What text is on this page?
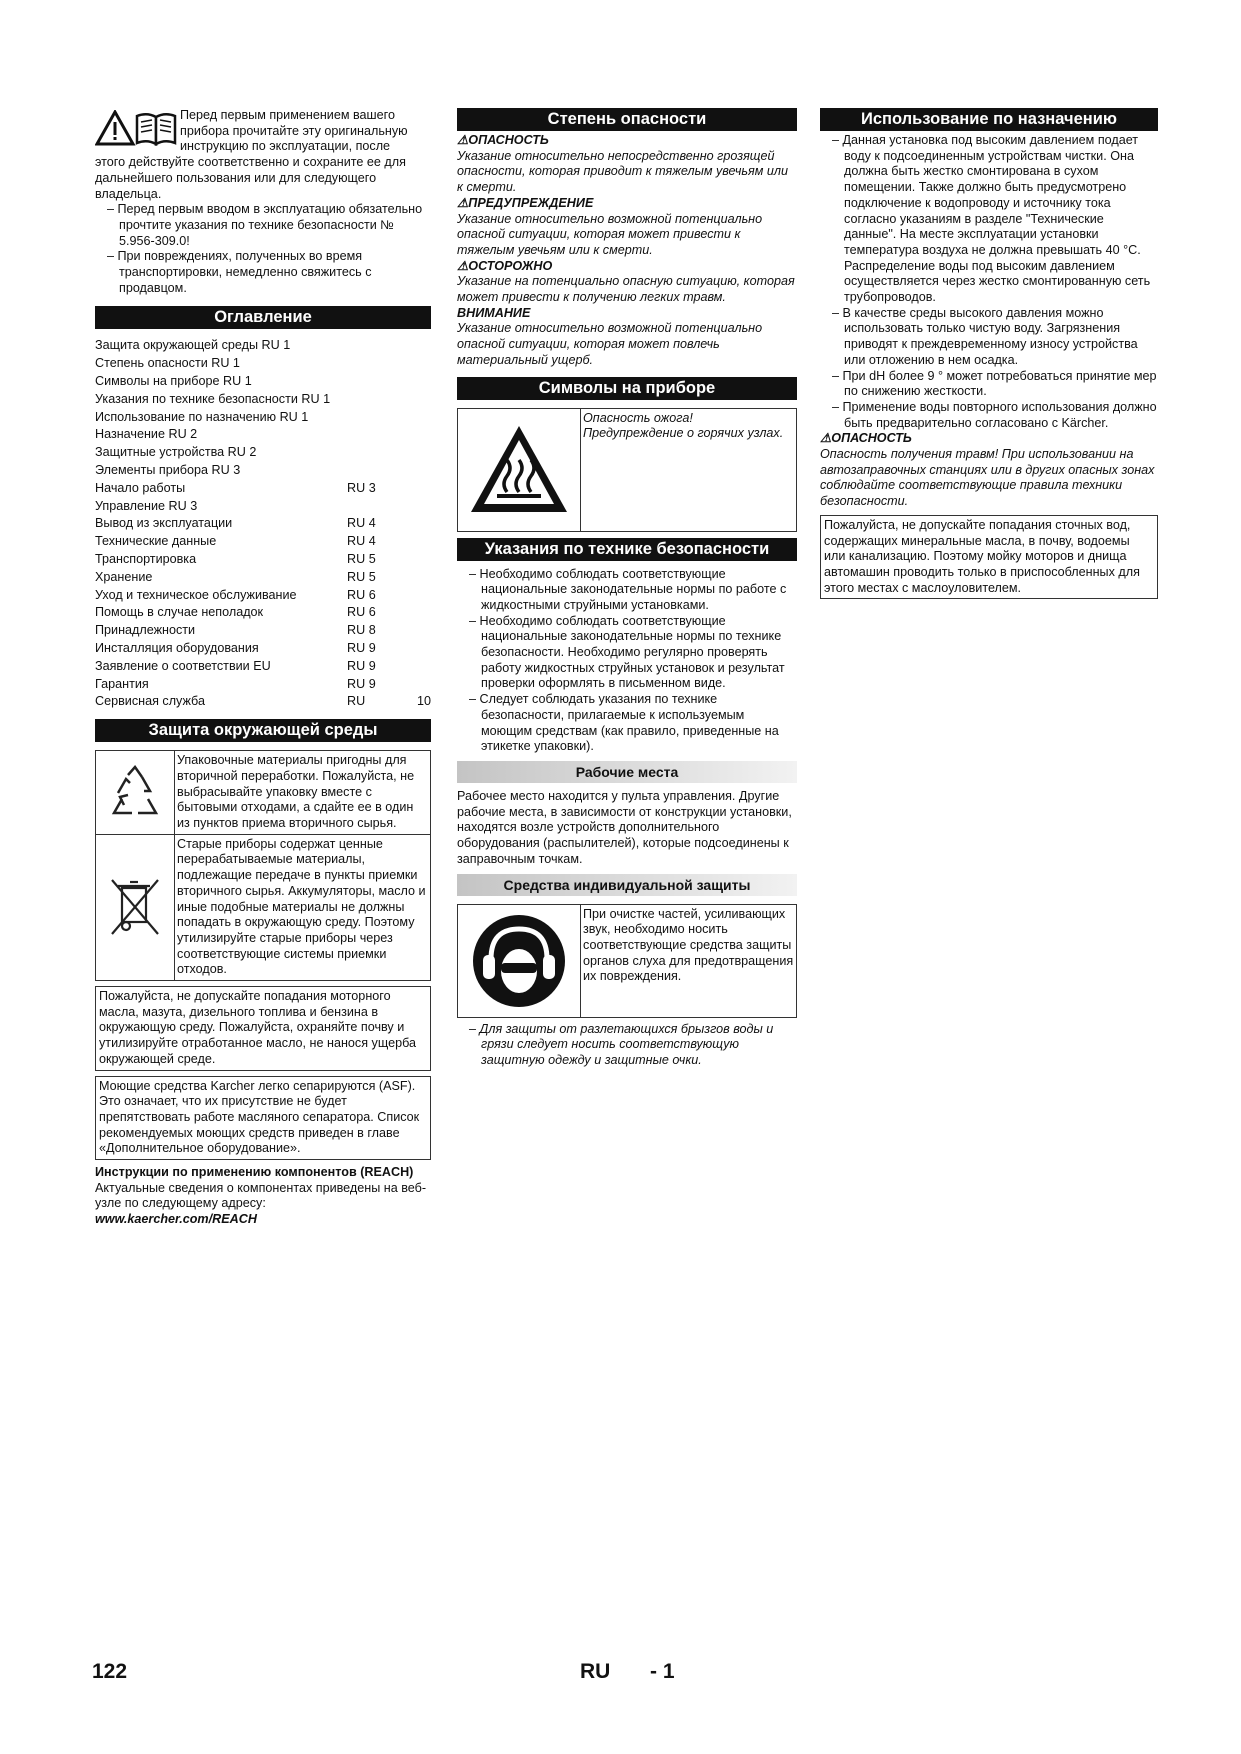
Перед первым применением вашего

прибора прочитайте эту оригинальную

инструкцию по эксплуатации, после

этого действуйте соответственно и сохраните ее для дальнейшего пользования или для следующего владельца.

– Перед первым вводом в эксплуатацию обязательно прочтите указания по технике безопасности № 5.956-309.0!

– При повреждениях, полученных во время транспортировки, немедленно свяжитесь с продавцом.

Оглавление
Защита окружающей среды RU 1
Степень опасности RU 1
Символы на приборе RU 1
Указания по технике безопасности RU 1
Использование по назначению RU 1
Назначение RU 2
Защитные устройства RU 2
Элементы прибора RU 3
Начало работы	RU 3
Управление RU 3
Вывод из эксплуатации	RU 4
Технические данные	RU 4
Транспортировка	RU 5
Хранение	RU 5
Уход и техническое обслуживание	RU 6
Помощь в случае неполадок	RU 6
Принадлежности	RU 8
Инсталляция оборудования	RU 9
Заявление о соответствии EU	RU 9
Гарантия	RU 9
Сервисная служба	RU	10
Защита окружающей среды
Упаковочные материалы пригодны для вторичной переработки. Пожалуйста, не выбрасывайте упаковку вместе с бытовыми отходами, а сдайте ее в один из пунктов приема вторичного сырья.
Старые приборы содержат ценные перерабатываемые материалы, подлежащие передаче в пункты приемки вторичного сырья. Аккумуляторы, масло и иные подобные материалы не должны попадать в окружающую среду. Поэтому утилизируйте старые приборы через соответствующие системы приемки отходов.
Пожалуйста, не допускайте попадания моторного масла, мазута, дизельного топлива и бензина в окружающую среду. Пожалуйста, охраняйте почву и утилизируйте отработанное масло, не нанося ущерба окружающей среде.
Моющие средства Karcher легко сепарируются (ASF). Это означает, что их присутствие не будет препятствовать работе масляного сепаратора. Список рекомендуемых моющих средств приведен в главе «Дополнительное оборудование».

Инструкции по применению компонентов (REACH)

Актуальные сведения о компонентах приведены на веб-узле по следующему адресу:

www.kaercher.com/REACH

Степень опасности

⚠ОПАСНОСТЬ

Указание относительно непосредственно грозящей опасности, которая приводит к тяжелым увечьям или к смерти.

⚠ПРЕДУПРЕЖДЕНИЕ

Указание относительно возможной потенциально опасной ситуации, которая может привести к тяжелым увечьям или к смерти.

⚠ОСТОРОЖНО

Указание на потенциально опасную ситуацию, которая может привести к получению легких травм.

ВНИМАНИЕ

Указание относительно возможной потенциально опасной ситуации, которая может повлечь материальный ущерб.

Символы на приборе
Опасность ожога! Предупреждение о горячих узлах.
Указания по технике безопасности

– Необходимо соблюдать соответствующие национальные законодательные нормы по работе с жидкостными струйными установками.

– Необходимо соблюдать соответствующие национальные законодательные нормы по технике безопасности. Необходимо регулярно проверять работу жидкостных струйных установок и результат проверки оформлять в письменном виде.

– Следует соблюдать указания по технике безопасности, прилагаемые к используемым моющим средствам (как правило, приведенные на этикетке упаковки).

Рабочие места

Рабочее место находится у пульта управления. Другие рабочие места, в зависимости от конструкции установки, находятся возле устройств дополнительного оборудования (распылителей), которые подсоединены к заправочным точкам.

Средства индивидуальной защиты
При очистке частей, усиливающих звук, необходимо носить соответствующие средства защиты органов слуха для предотвращения их повреждения.

– Для защиты от разлетающихся брызгов воды и грязи следует носить соответствующую защитную одежду и защитные очки.

Использование по назначению

– Данная установка под высоким давлением подает воду к подсоединенным устройствам чистки. Она должна быть жестко смонтирована в сухом помещении. Также должно быть предусмотрено подключение к водопроводу и источнику тока согласно указаниям в разделе "Технические данные". На месте эксплуатации установки температура воздуха не должна превышать 40 °C. Распределение воды под высоким давлением осуществляется через жестко смонтированную сеть трубопроводов.

– В качестве среды высокого давления можно использовать только чистую воду. Загрязнения приводят к преждевременному износу устройства или отложению в нем осадка.

– При dH более 9 ° может потребоваться принятие мер по снижению жесткости.

– Применение воды повторного использования должно быть предварительно согласовано с Kärcher.

⚠ОПАСНОСТЬ

Опасность получения травм! При использовании на автозаправочных станциях или в других опасных зонах соблюдайте соответствующие правила техники безопасности.

Пожалуйста, не допускайте попадания сточных вод, содержащих минеральные масла, в почву, водоемы или канализацию. Поэтому мойку моторов и днища автомашин проводить только в приспособленных для этого местах с маслоуловителем.
122	RU - 1
